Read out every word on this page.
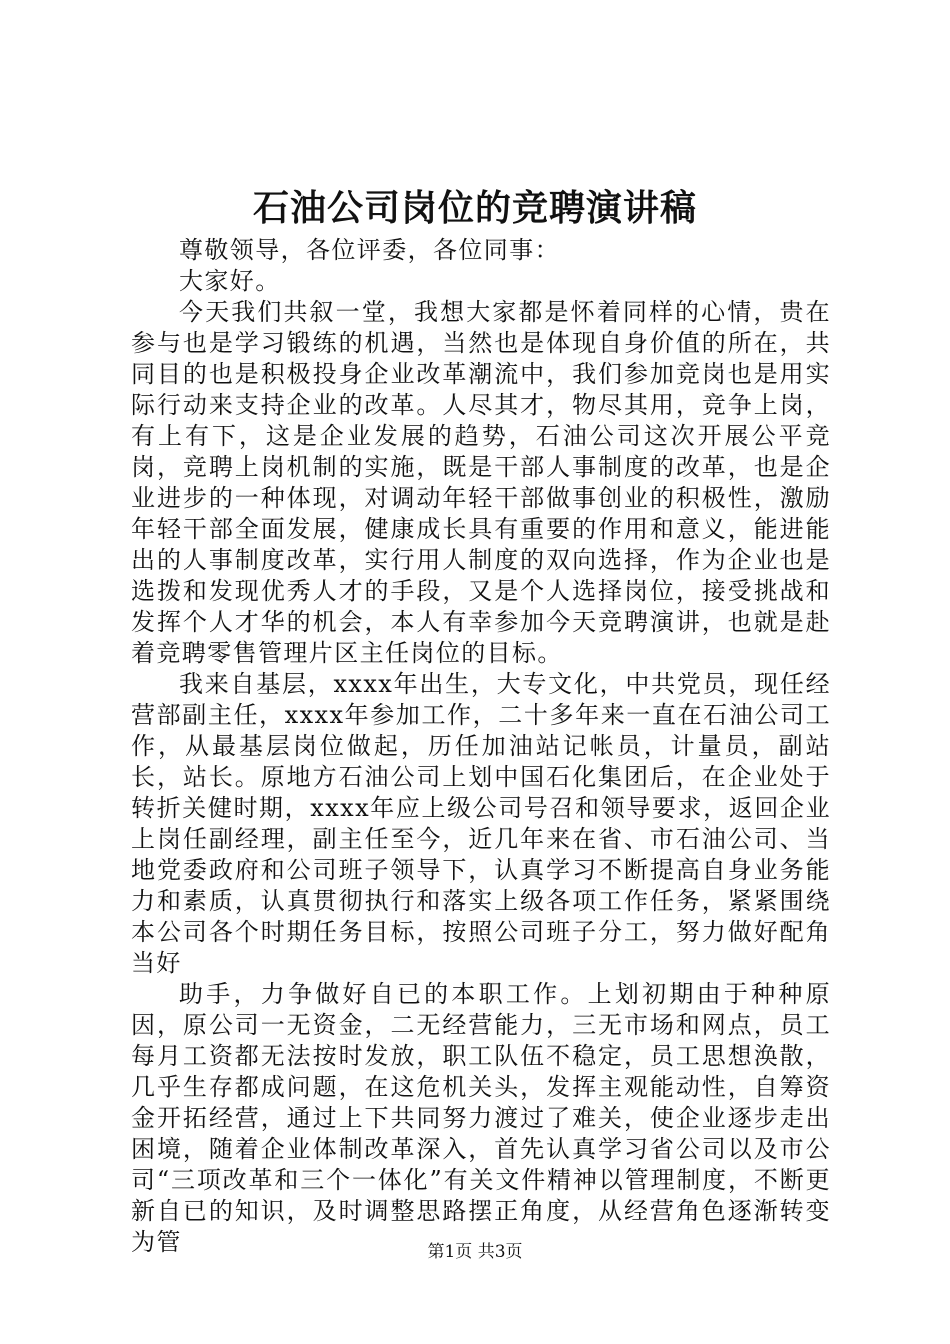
石油公司岗位的竞聘演讲稿

尊敬领导，各位评委，各位同事：

大家好。

今天我们共叙一堂，我想大家都是怀着同样的心情，贵在参与也是学习锻练的机遇，当然也是体现自身价值的所在，共同目的也是积极投身企业改革潮流中，我们参加竞岗也是用实际行动来支持企业的改革。人尽其才，物尽其用，竞争上岗，有上有下，这是企业发展的趋势，石油公司这次开展公平竞岗，竞聘上岗机制的实施，既是干部人事制度的改革，也是企业进步的一种体现，对调动年轻干部做事创业的积极性，激励年轻干部全面发展，健康成长具有重要的作用和意义，能进能出的人事制度改革，实行用人制度的双向选择，作为企业也是选拨和发现优秀人才的手段，又是个人选择岗位，接受挑战和发挥个人才华的机会，本人有幸参加今天竞聘演讲，也就是赴着竞聘零售管理片区主任岗位的目标。

我来自基层，xxxx年出生，大专文化，中共党员，现任经营部副主任，xxxx年参加工作，二十多年来一直在石油公司工作，从最基层岗位做起，历任加油站记帐员，计量员，副站长，站长。原地方石油公司上划中国石化集团后，在企业处于转折关健时期，xxxx年应上级公司号召和领导要求，返回企业上岗任副经理，副主任至今，近几年来在省、市石油公司、当地党委政府和公司班子领导下，认真学习不断提高自身业务能力和素质，认真贯彻执行和落实上级各项工作任务，紧紧围绕本公司各个时期任务目标，按照公司班子分工，努力做好配角当好

助手，力争做好自已的本职工作。上划初期由于种种原因，原公司一无资金，二无经营能力，三无市场和网点，员工每月工资都无法按时发放，职工队伍不稳定，员工思想涣散，几乎生存都成问题，在这危机关头，发挥主观能动性，自筹资金开拓经营，通过上下共同努力渡过了难关，使企业逐步走出困境，随着企业体制改革深入，首先认真学习省公司以及市公司“三项改革和三个一体化”有关文件精神以管理制度，不断更新自已的知识，及时调整思路摆正角度，从经营角色逐渐转变为管	第1页 共3页
